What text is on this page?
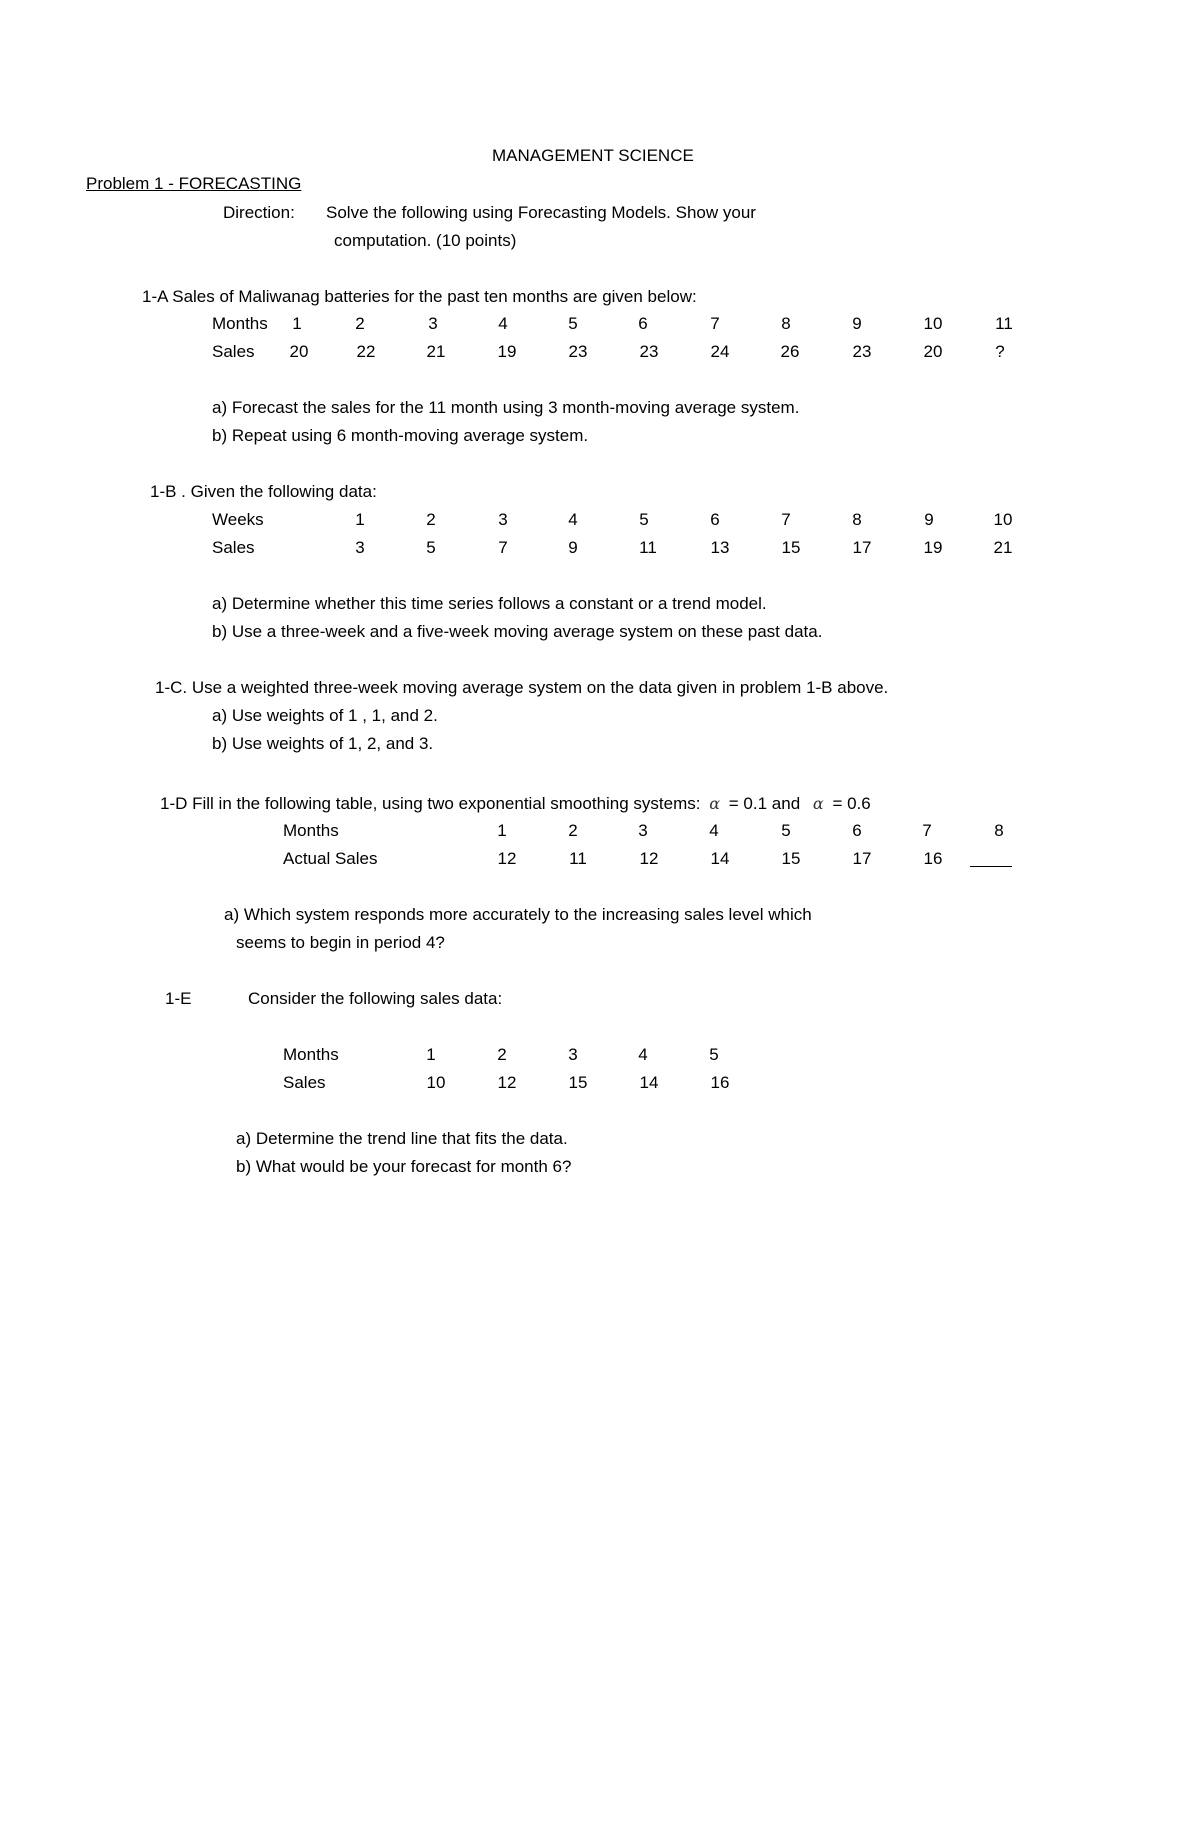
MANAGEMENT SCIENCE
Problem 1 - FORECASTING
Direction: Solve the following using Forecasting Models. Show your
computation. (10 points)
1-A Sales of Maliwanag batteries for the past ten months are given below:
Months 1	2	3	4	5	6	7	8	9	10	11
Sales 20	22	21	19	23	23	24	26	23	20	?
a) Forecast the sales for the 11 month using 3 month-moving average system.
b) Repeat using 6 month-moving average system.
1-B . Given the following data:
Weeks	1	2	3	4	5	6	7	8	9	10
Sales	3	5	7	9	11	13	15	17	19	21
a) Determine whether this time series follows a constant or a trend model.
b) Use a three-week and a five-week moving average system on these past data.
1-C. Use a weighted three-week moving average system on the data given in problem 1-B above.
a) Use weights of 1 , 1, and 2.
b) Use weights of 1, 2, and 3.
1-D Fill in the following table, using two exponential smoothing systems: α = 0.1 and α = 0.6
Months	1	2	3	4	5	6	7	8
Actual Sales	12	11	12	14	15	17	16
a) Which system responds more accurately to the increasing sales level which
seems to begin in period 4?
1-E	Consider the following sales data:
Months	1	2	3	4	5
Sales	10	12	15	14	16
a) Determine the trend line that fits the data.
b) What would be your forecast for month 6?
